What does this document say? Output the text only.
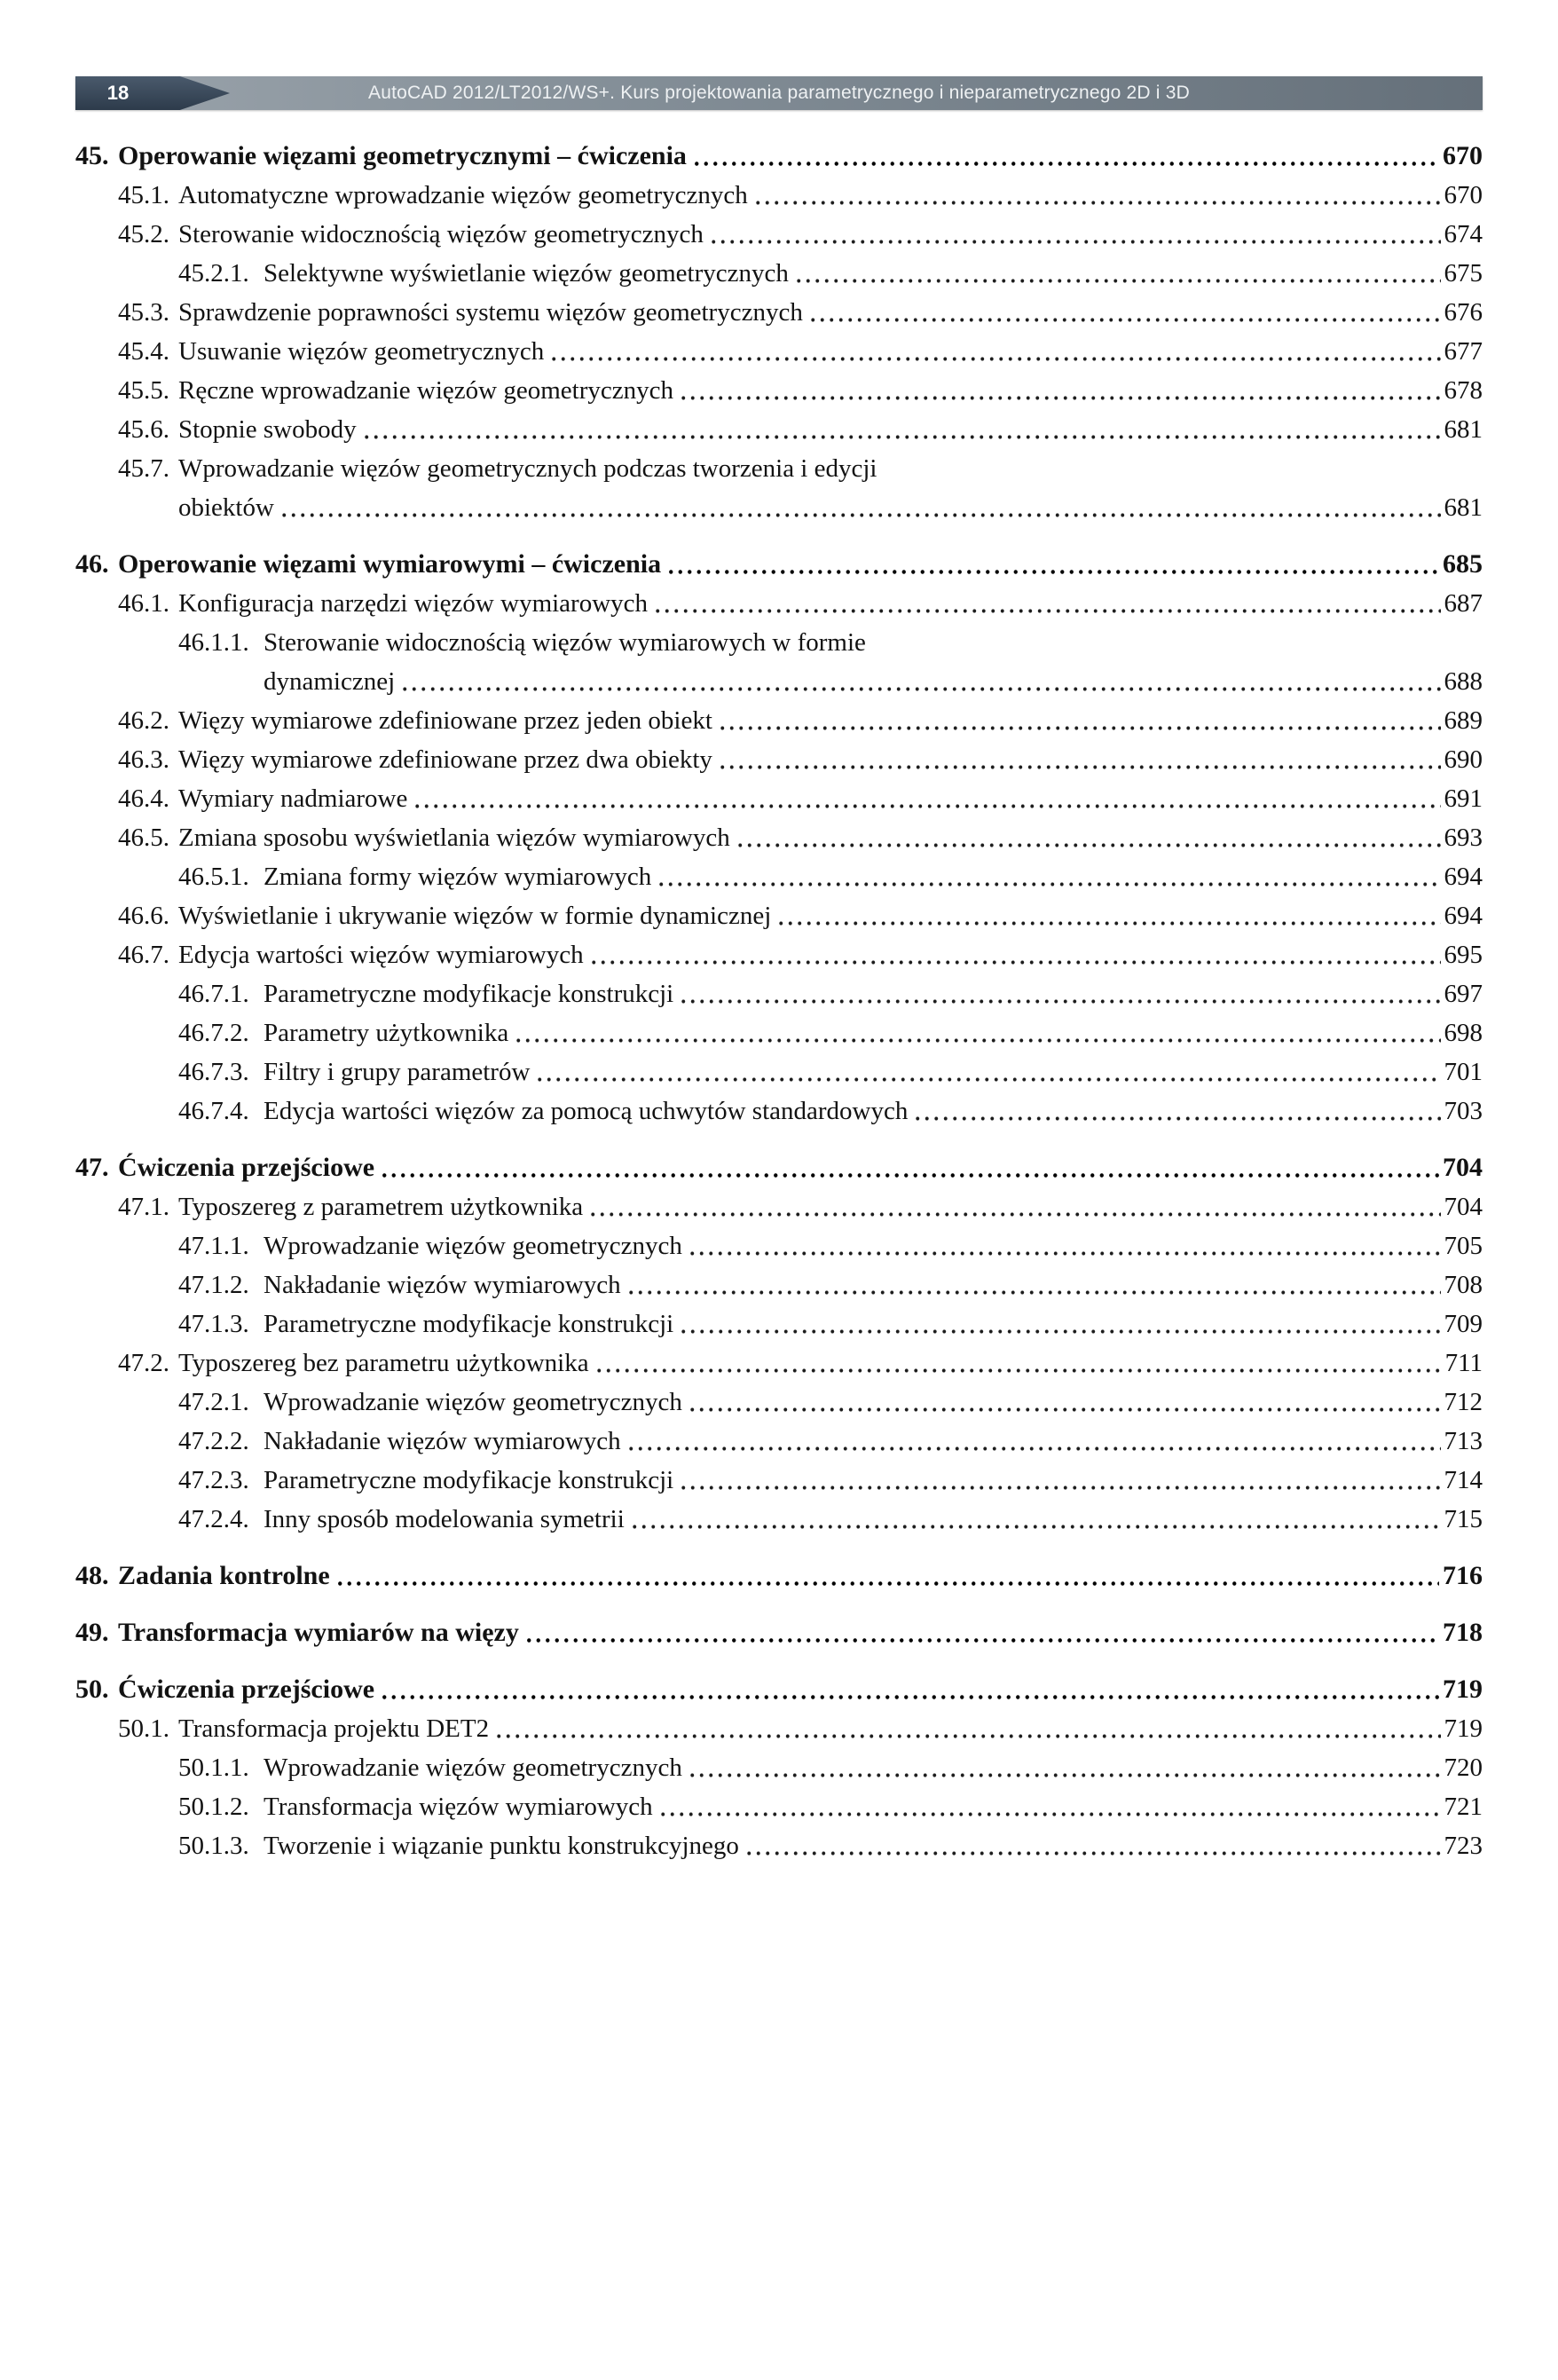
AutoCAD 2012/LT2012/WS+. Kurs projektowania parametrycznego i nieparametrycznego 2D i 3D
18
45. Operowanie więzami geometrycznymi – ćwiczenia	670
45.1. Automatyczne wprowadzanie więzów geometrycznych	670
45.2. Sterowanie widocznością więzów geometrycznych	674
45.2.1. Selektywne wyświetlanie więzów geometrycznych	675
45.3. Sprawdzenie poprawności systemu więzów geometrycznych	676
45.4. Usuwanie więzów geometrycznych	677
45.5. Ręczne wprowadzanie więzów geometrycznych	678
45.6. Stopnie swobody	681
45.7. Wprowadzanie więzów geometrycznych podczas tworzenia i edycji
obiektów	681
46. Operowanie więzami wymiarowymi – ćwiczenia	685
46.1. Konfiguracja narzędzi więzów wymiarowych	687
46.1.1. Sterowanie widocznością więzów wymiarowych w formie
dynamicznej	688
46.2. Więzy wymiarowe zdefiniowane przez jeden obiekt	689
46.3. Więzy wymiarowe zdefiniowane przez dwa obiekty	690
46.4. Wymiary nadmiarowe	691
46.5. Zmiana sposobu wyświetlania więzów wymiarowych	693
46.5.1. Zmiana formy więzów wymiarowych	694
46.6. Wyświetlanie i ukrywanie więzów w formie dynamicznej	694
46.7. Edycja wartości więzów wymiarowych	695
46.7.1. Parametryczne modyfikacje konstrukcji	697
46.7.2. Parametry użytkownika	698
46.7.3. Filtry i grupy parametrów	701
46.7.4. Edycja wartości więzów za pomocą uchwytów standardowych	703
47. Ćwiczenia przejściowe	704
47.1. Typoszereg z parametrem użytkownika	704
47.1.1. Wprowadzanie więzów geometrycznych	705
47.1.2. Nakładanie więzów wymiarowych	708
47.1.3. Parametryczne modyfikacje konstrukcji	709
47.2. Typoszereg bez parametru użytkownika	711
47.2.1. Wprowadzanie więzów geometrycznych	712
47.2.2. Nakładanie więzów wymiarowych	713
47.2.3. Parametryczne modyfikacje konstrukcji	714
47.2.4. Inny sposób modelowania symetrii	715
48. Zadania kontrolne	716
49. Transformacja wymiarów na więzy	718
50. Ćwiczenia przejściowe	719
50.1. Transformacja projektu DET2	719
50.1.1. Wprowadzanie więzów geometrycznych	720
50.1.2. Transformacja więzów wymiarowych	721
50.1.3. Tworzenie i wiązanie punktu konstrukcyjnego	723
